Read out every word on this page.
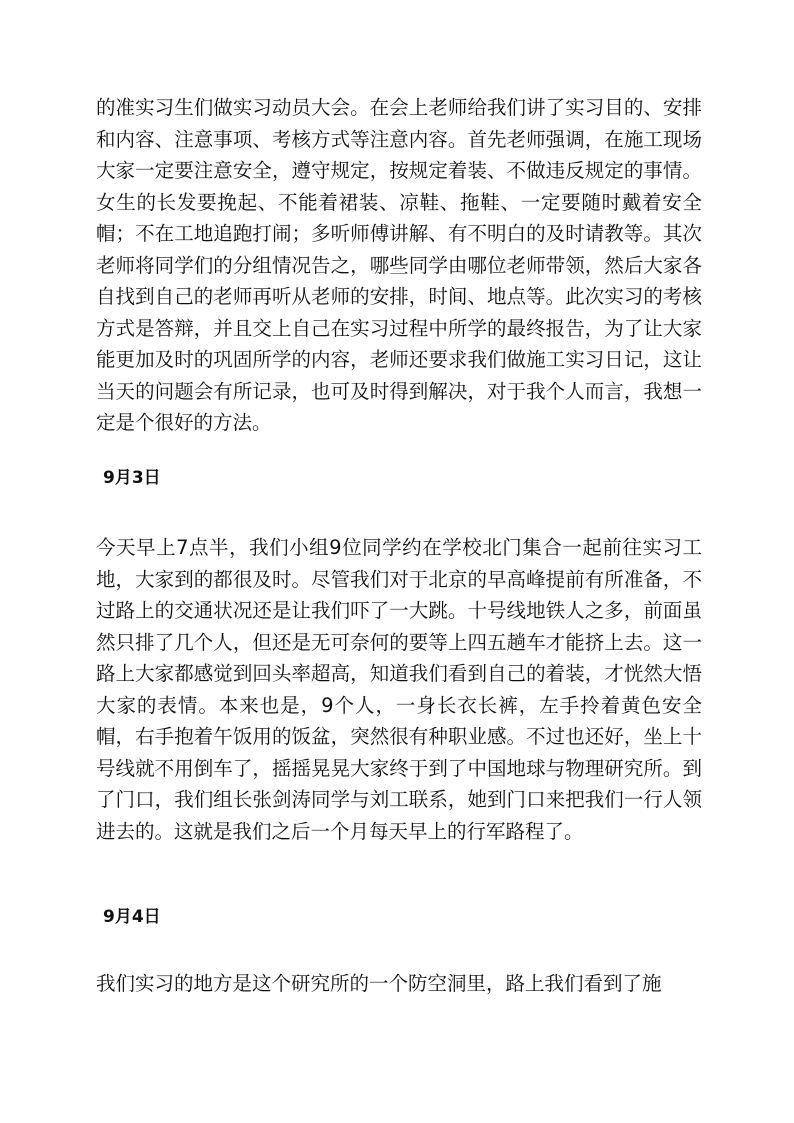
的准实习生们做实习动员大会。在会上老师给我们讲了实习目的、安排和内容、注意事项、考核方式等注意内容。首先老师强调，在施工现场大家一定要注意安全，遵守规定，按规定着装、不做违反规定的事情。女生的长发要挽起、不能着裙装、凉鞋、拖鞋、一定要随时戴着安全帽；不在工地追跑打闹；多听师傅讲解、有不明白的及时请教等。其次老师将同学们的分组情况告之，哪些同学由哪位老师带领，然后大家各自找到自己的老师再听从老师的安排，时间、地点等。此次实习的考核方式是答辩，并且交上自己在实习过程中所学的最终报告，为了让大家能更加及时的巩固所学的内容，老师还要求我们做施工实习日记，这让当天的问题会有所记录，也可及时得到解决，对于我个人而言，我想一定是个很好的方法。

9月3日

今天早上7点半，我们小组9位同学约在学校北门集合一起前往实习工地，大家到的都很及时。尽管我们对于北京的早高峰提前有所准备，不过路上的交通状况还是让我们吓了一大跳。十号线地铁人之多，前面虽然只排了几个人，但还是无可奈何的要等上四五趟车才能挤上去。这一路上大家都感觉到回头率超高，知道我们看到自己的着装，才恍然大悟大家的表情。本来也是，9个人，一身长衣长裤，左手拎着黄色安全帽，右手抱着午饭用的饭盆，突然很有种职业感。不过也还好，坐上十号线就不用倒车了，摇摇晃晃大家终于到了中国地球与物理研究所。到了门口，我们组长张剑涛同学与刘工联系，她到门口来把我们一行人领进去的。这就是我们之后一个月每天早上的行军路程了。

9月4日

我们实习的地方是这个研究所的一个防空洞里，路上我们看到了施
